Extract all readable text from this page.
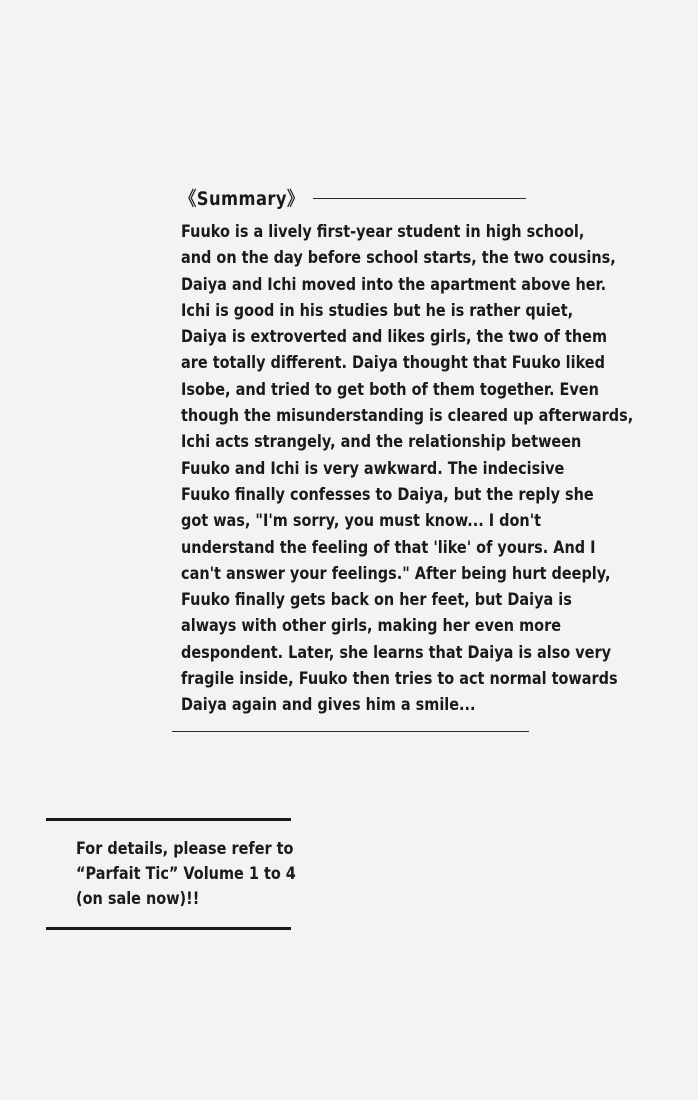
《Summary》
Fuuko is a lively first-year student in high school,
and on the day before school starts, the two cousins,
Daiya and Ichi moved into the apartment above her.
Ichi is good in his studies but he is rather quiet,
Daiya is extroverted and likes girls, the two of them
are totally different. Daiya thought that Fuuko liked
Isobe, and tried to get both of them together. Even
though the misunderstanding is cleared up afterwards,
Ichi acts strangely, and the relationship between
Fuuko and Ichi is very awkward. The indecisive
Fuuko finally confesses to Daiya, but the reply she
got was, "I'm sorry, you must know... I don't
understand the feeling of that 'like' of yours. And I
can't answer your feelings." After being hurt deeply,
Fuuko finally gets back on her feet, but Daiya is
always with other girls, making her even more
despondent. Later, she learns that Daiya is also very
fragile inside, Fuuko then tries to act normal towards
Daiya again and gives him a smile...
For details, please refer to
“Parfait Tic” Volume 1 to 4
(on sale now)!!
